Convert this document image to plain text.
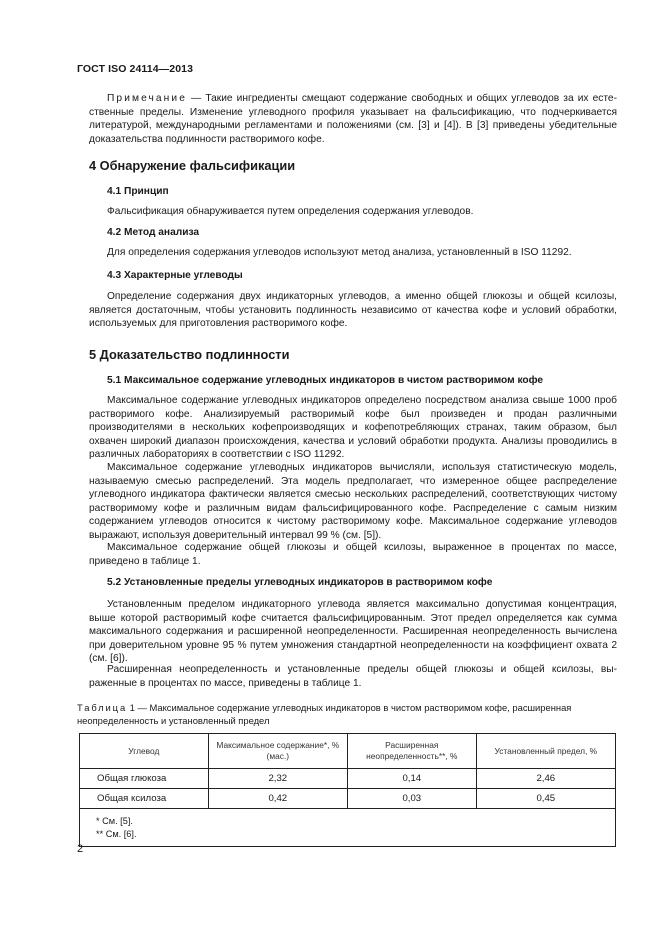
ГОСТ ISO 24114—2013
Примечание — Такие ингредиенты смещают содержание свободных и общих углеводов за их естественные пределы. Изменение углеводного профиля указывает на фальсификацию, что подчеркивается литературой, международными регламентами и положениями (см. [3] и [4]). В [3] приведены убедительные доказательства подлинности растворимого кофе.
4 Обнаружение фальсификации
4.1 Принцип
Фальсификация обнаруживается путем определения содержания углеводов.
4.2 Метод анализа
Для определения содержания углеводов используют метод анализа, установленный в ISO 11292.
4.3 Характерные углеводы
Определение содержания двух индикаторных углеводов, а именно общей глюкозы и общей ксилозы, является достаточным, чтобы установить подлинность независимо от качества кофе и условий обработки, используемых для приготовления растворимого кофе.
5 Доказательство подлинности
5.1 Максимальное содержание углеводных индикаторов в чистом растворимом кофе
Максимальное содержание углеводных индикаторов определено посредством анализа свыше 1000 проб растворимого кофе. Анализируемый растворимый кофе был произведен и продан различными производителями в нескольких кофепроизводящих и кофепотребляющих странах, таким образом, был охвачен широкий диапазон происхождения, качества и условий обработки продукта. Анализы проводились в различных лабораториях в соответствии с ISO 11292.
Максимальное содержание углеводных индикаторов вычисляли, используя статистическую модель, называемую смесью распределений. Эта модель предполагает, что измеренное общее распределение углеводного индикатора фактически является смесью нескольких распределений, соответствующих чистому растворимому кофе и различным видам фальсифицированного кофе. Распределение с самым низким содержанием углеводов относится к чистому растворимому кофе. Максимальное содержание углеводов выражают, используя доверительный интервал 99 % (см. [5]).
Максимальное содержание общей глюкозы и общей ксилозы, выраженное в процентах по массе, приведено в таблице 1.
5.2 Установленные пределы углеводных индикаторов в растворимом кофе
Установленным пределом индикаторного углевода является максимально допустимая концентрация, выше которой растворимый кофе считается фальсифицированным. Этот предел определяется как сумма максимального содержания и расширенной неопределенности. Расширенная неопределенность вычислена при доверительном уровне 95 % путем умножения стандартной неопределенности на коэффициент охвата 2 (см. [6]).
Расширенная неопределенность и установленные пределы общей глюкозы и общей ксилозы, выраженные в процентах по массе, приведены в таблице 1.
Таблица 1 — Максимальное содержание углеводных индикаторов в чистом растворимом кофе, расширенная неопределенность и установленный предел
Углевод	Максимальное содержание*, % (мас.)	Расширенная неопределенность**, %	Установленный предел, %
Общая глюкоза	2,32	0,14	2,46
Общая ксилоза	0,42	0,03	0,45

* См. [5].
** См. [6].			
2
